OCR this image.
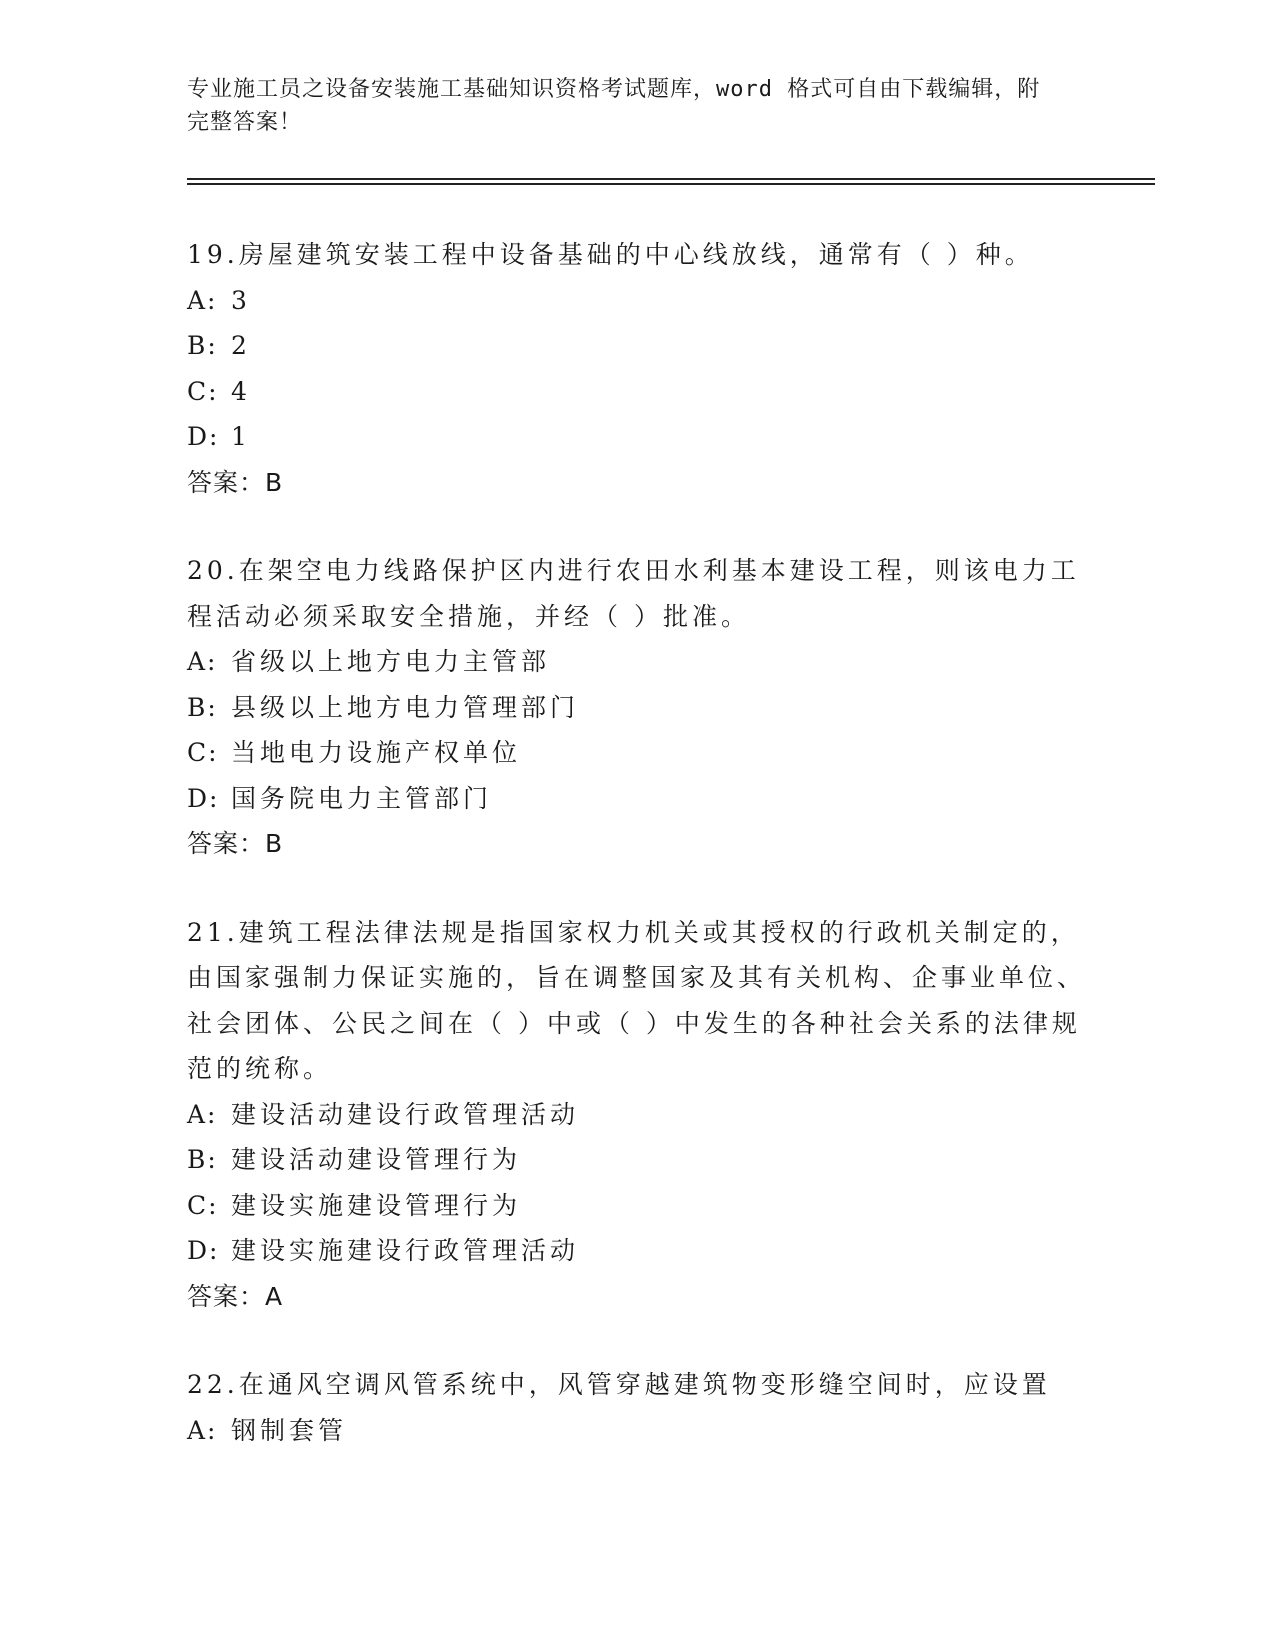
专业施工员之设备安装施工基础知识资格考试题库，word 格式可自由下载编辑，附完整答案！

19.房屋建筑安装工程中设备基础的中心线放线，通常有（ ）种。

A: 3

B: 2

C: 4

D: 1

答案：B

20.在架空电力线路保护区内进行农田水利基本建设工程，则该电力工程活动必须采取安全措施，并经（ ）批准。

A: 省级以上地方电力主管部

B: 县级以上地方电力管理部门

C: 当地电力设施产权单位

D: 国务院电力主管部门

答案：B

21.建筑工程法律法规是指国家权力机关或其授权的行政机关制定的，由国家强制力保证实施的，旨在调整国家及其有关机构、企事业单位、社会团体、公民之间在（ ）中或（ ）中发生的各种社会关系的法律规范的统称。

A: 建设活动建设行政管理活动

B: 建设活动建设管理行为

C: 建设实施建设管理行为

D: 建设实施建设行政管理活动

答案：A

22.在通风空调风管系统中，风管穿越建筑物变形缝空间时，应设置

A: 钢制套管
